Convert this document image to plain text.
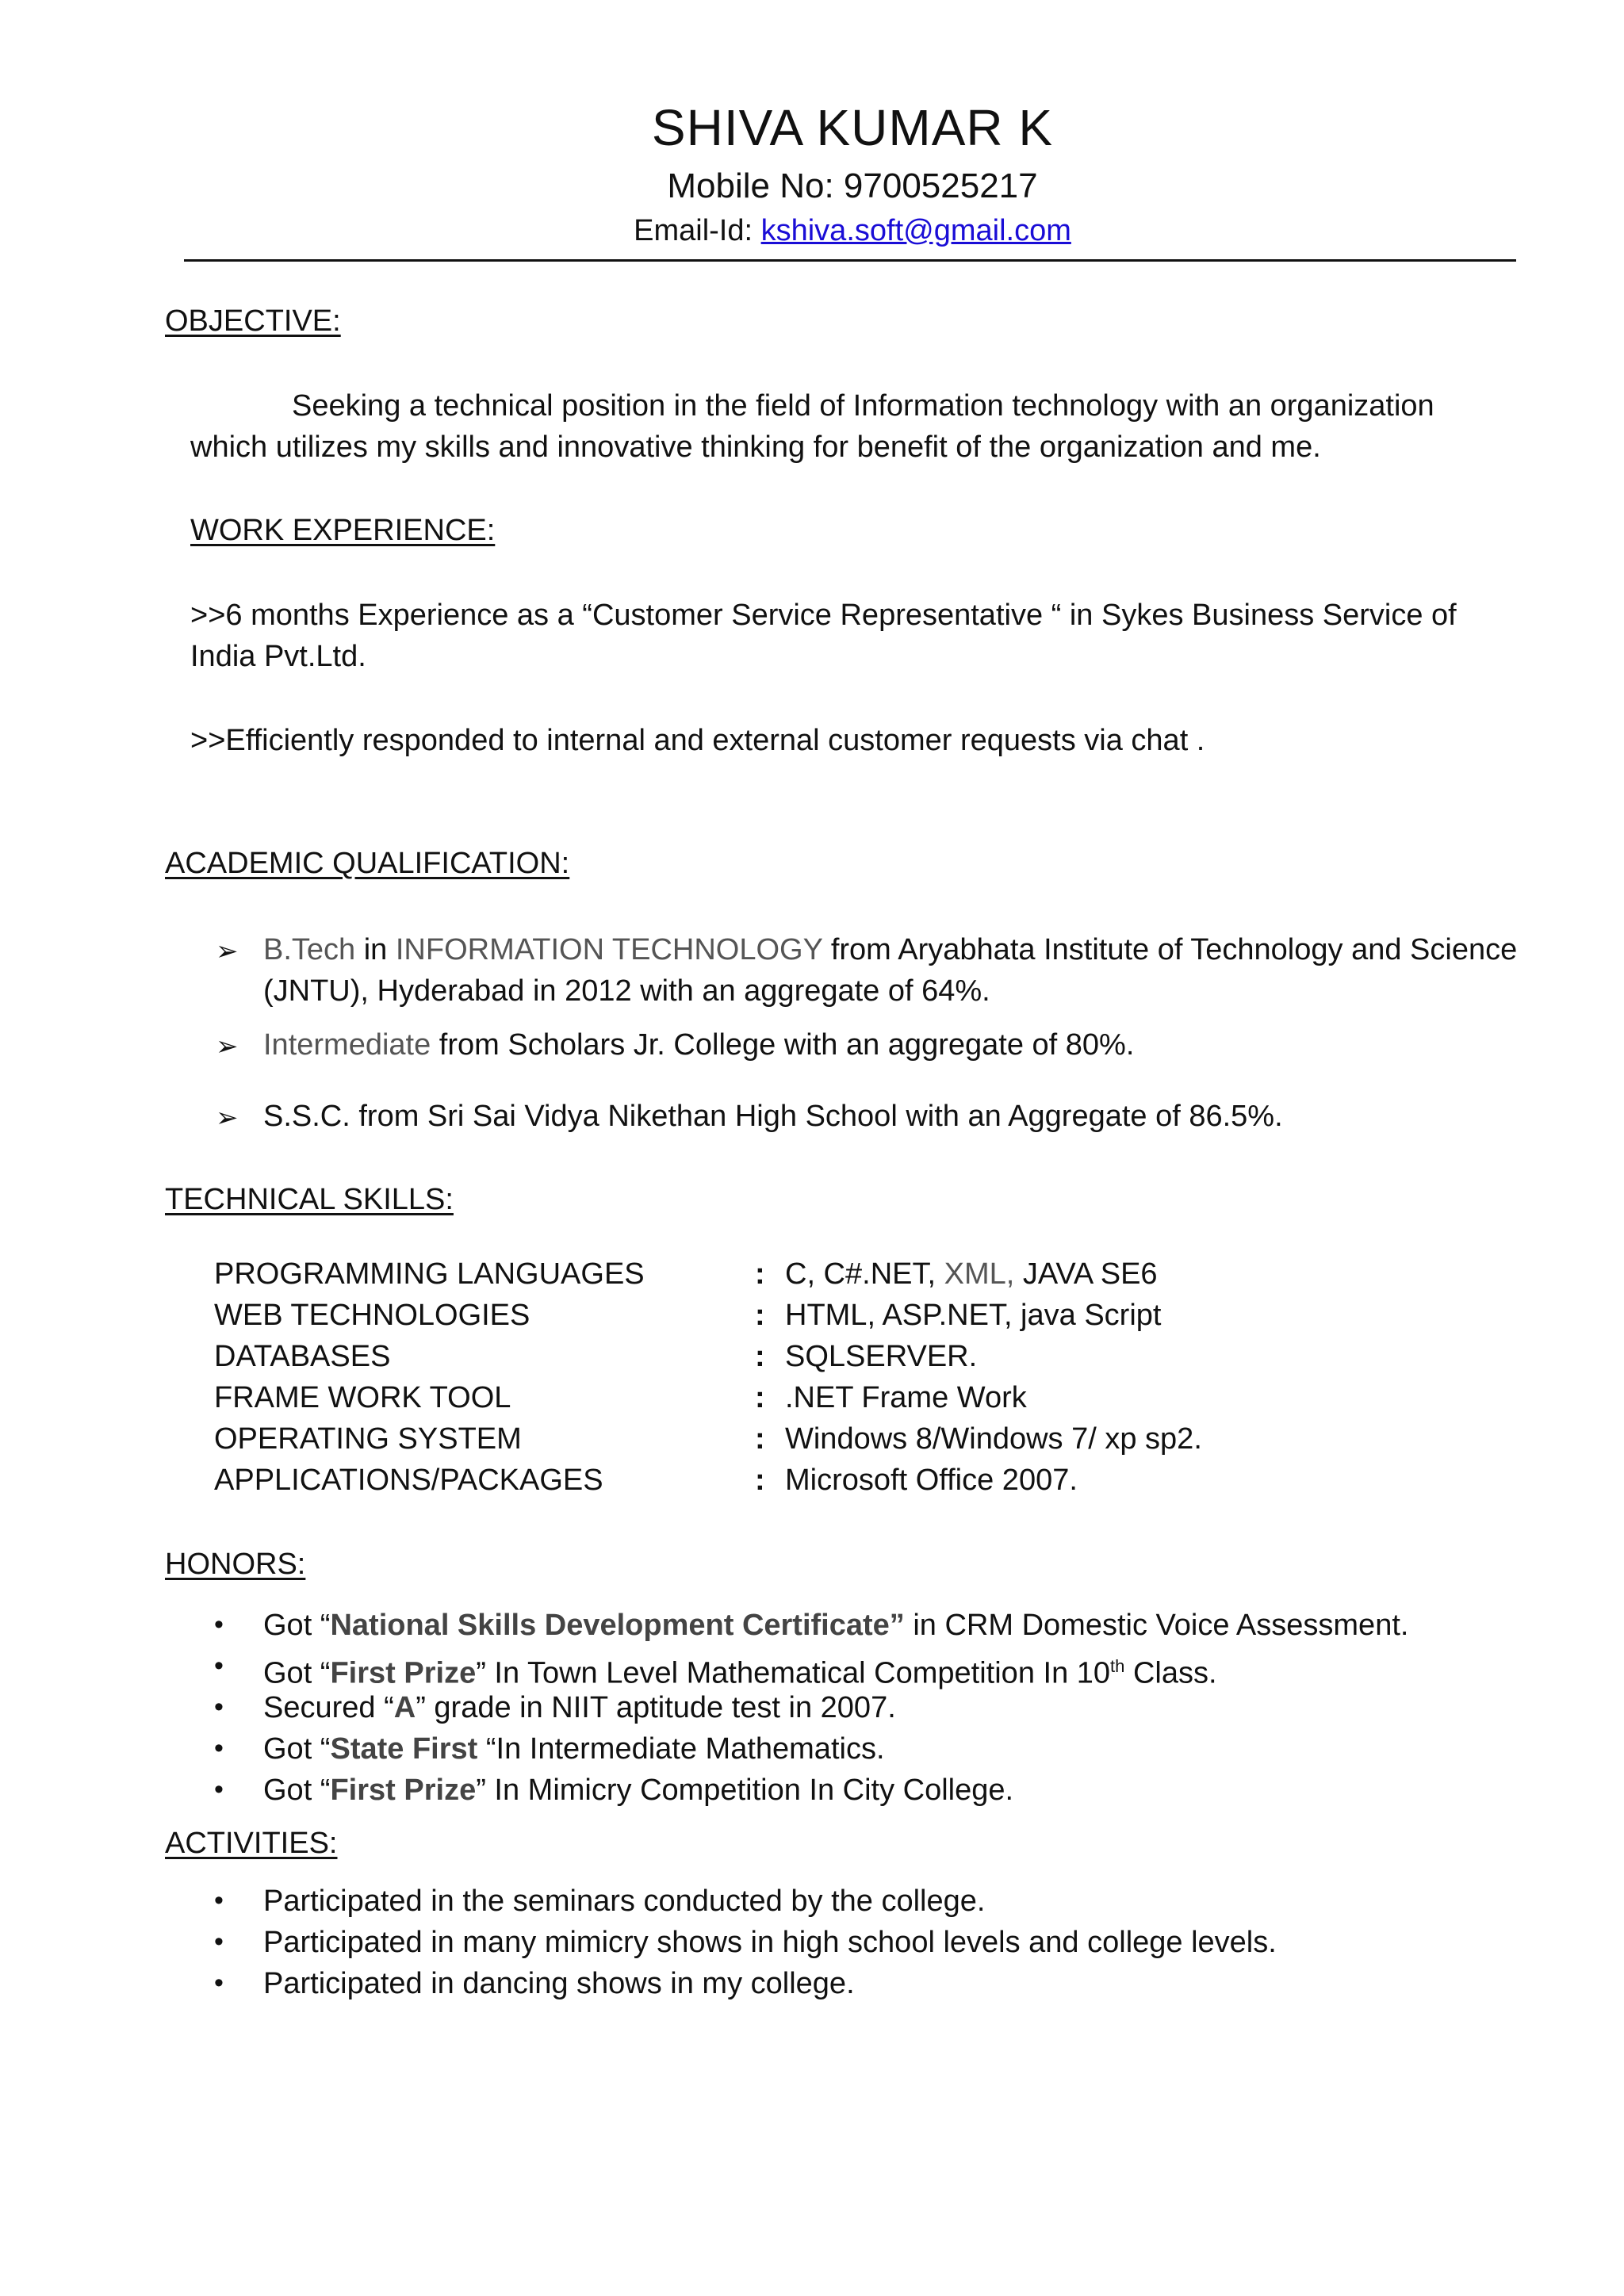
SHIVA KUMAR K
Mobile No: 9700525217
Email-Id: kshiva.soft@gmail.com
OBJECTIVE:
Seeking a technical position in the field of Information technology with an organization
which utilizes my skills and innovative thinking for benefit of the organization and me.
WORK EXPERIENCE:
>>6 months Experience as a “Customer Service Representative “ in Sykes Business Service of
India Pvt.Ltd.
>>Efficiently responded to internal and external customer requests via chat .
ACADEMIC QUALIFICATION:
➢ B.Tech in INFORMATION TECHNOLOGY from Aryabhata Institute of Technology and Science
(JNTU), Hyderabad in 2012 with an aggregate of 64%.
➢ Intermediate from Scholars Jr. College with an aggregate of 80%.
➢ S.S.C. from Sri Sai Vidya Nikethan High School with an Aggregate of 86.5%.
TECHNICAL SKILLS:
PROGRAMMING LANGUAGES	: C, C#.NET, XML, JAVA SE6
WEB TECHNOLOGIES	: HTML, ASP.NET, java Script
DATABASES	: SQLSERVER.
FRAME WORK TOOL	: .NET Frame Work
OPERATING SYSTEM	: Windows 8/Windows 7/ xp sp2.
APPLICATIONS/PACKAGES	: Microsoft Office 2007.
HONORS:
• Got “National Skills Development Certificate” in CRM Domestic Voice Assessment.
• Got “First Prize” In Town Level Mathematical Competition In 10th Class.
• Secured “A” grade in NIIT aptitude test in 2007.
• Got “State First “In Intermediate Mathematics.
• Got “First Prize” In Mimicry Competition In City College.
ACTIVITIES:
• Participated in the seminars conducted by the college.
• Participated in many mimicry shows in high school levels and college levels.
• Participated in dancing shows in my college.
